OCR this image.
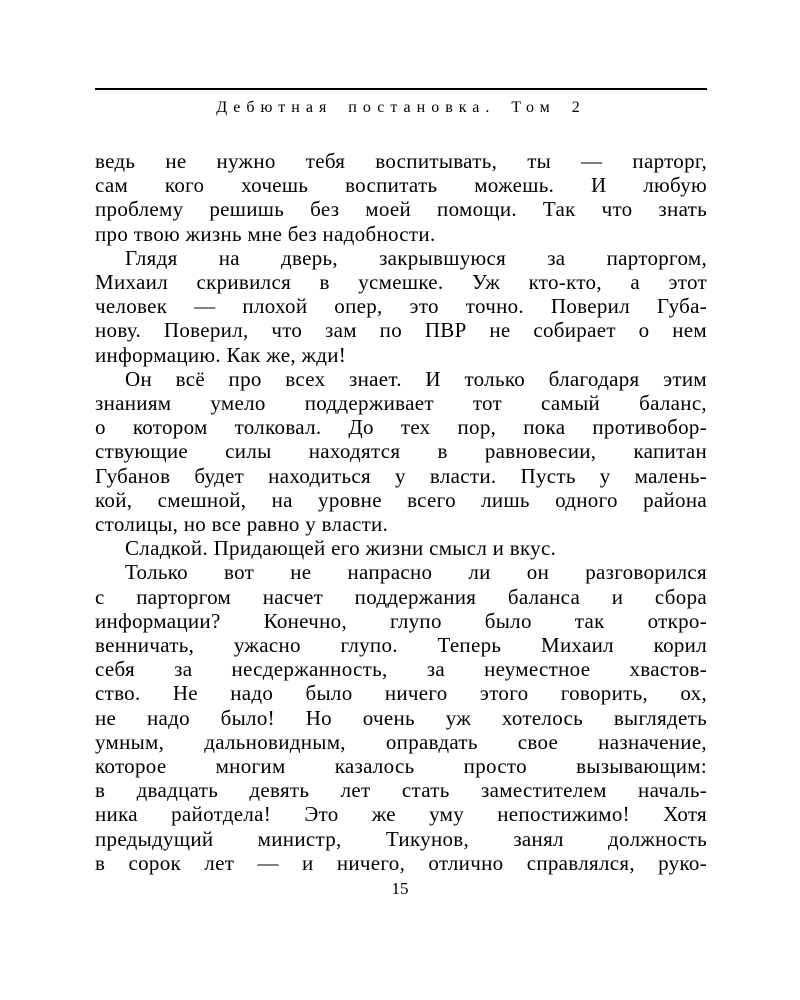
Дебютная постановка. Том 2
ведь не нужно тебя воспитывать, ты — парторг,
сам кого хочешь воспитать можешь. И любую
проблему решишь без моей помощи. Так что знать
про твою жизнь мне без надобности.
Глядя на дверь, закрывшуюся за парторгом,
Михаил скривился в усмешке. Уж кто-кто, а этот
человек — плохой опер, это точно. Поверил Губа-
нову. Поверил, что зам по ПВР не собирает о нем
информацию. Как же, жди!
Он всё про всех знает. И только благодаря этим
знаниям умело поддерживает тот самый баланс,
о котором толковал. До тех пор, пока противобор-
ствующие силы находятся в равновесии, капитан
Губанов будет находиться у власти. Пусть у малень-
кой, смешной, на уровне всего лишь одного района
столицы, но все равно у власти.
Сладкой. Придающей его жизни смысл и вкус.
Только вот не напрасно ли он разговорился
с парторгом насчет поддержания баланса и сбора
информации? Конечно, глупо было так откро-
венничать, ужасно глупо. Теперь Михаил корил
себя за несдержанность, за неуместное хвастов-
ство. Не надо было ничего этого говорить, ох,
не надо было! Но очень уж хотелось выглядеть
умным, дальновидным, оправдать свое назначение,
которое многим казалось просто вызывающим:
в двадцать девять лет стать заместителем началь-
ника райотдела! Это же уму непостижимо! Хотя
предыдущий министр, Тикунов, занял должность
в сорок лет — и ничего, отлично справлялся, руко-
15
